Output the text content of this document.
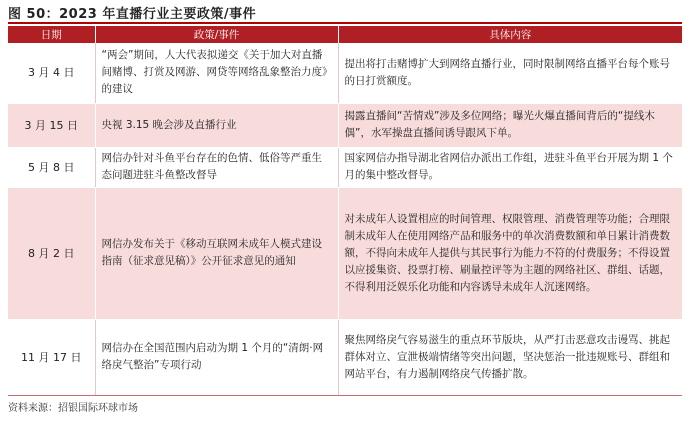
图 50：2023 年直播行业主要政策/事件
日期	政策/事件	具体内容
3 月 4 日	“两会”期间，人大代表拟递交《关于加大对直播间赌博、打赏及网游、网贷等网络乱象整治力度》的建议	提出将打击赌博扩大到网络直播行业，同时限制网络直播平台每个账号的日打赏额度。
3 月 15 日	央视 3.15 晚会涉及直播行业	揭露直播间“苦情戏”涉及多位网络；曝光火爆直播间背后的“提线木偶”，水军操盘直播间诱导跟风下单。
5 月 8 日	网信办针对斗鱼平台存在的色情、低俗等严重生态问题进驻斗鱼整改督导	国家网信办指导湖北省网信办派出工作组，进驻斗鱼平台开展为期 1 个月的集中整改督导。
8 月 2 日	网信办发布关于《移动互联网未成年人模式建设指南（征求意见稿）》公开征求意见的通知	对未成年人设置相应的时间管理、权限管理、消费管理等功能；合理限制未成年人在使用网络产品和服务中的单次消费数额和单日累计消费数额，不得向未成年人提供与其民事行为能力不符的付费服务；不得设置以应援集资、投票打榜、刷量控评等为主题的网络社区、群组、话题，不得利用泛娱乐化功能和内容诱导未成年人沉迷网络。
11 月 17 日	网信办在全国范围内启动为期 1 个月的“清朗·网络戾气整治”专项行动	聚焦网络戾气容易滋生的重点环节版块，从严打击恶意攻击谩骂、挑起群体对立、宣泄极端情绪等突出问题，坚决惩治一批违规账号、群组和网站平台，有力遏制网络戾气传播扩散。
资料来源：招银国际环球市场
